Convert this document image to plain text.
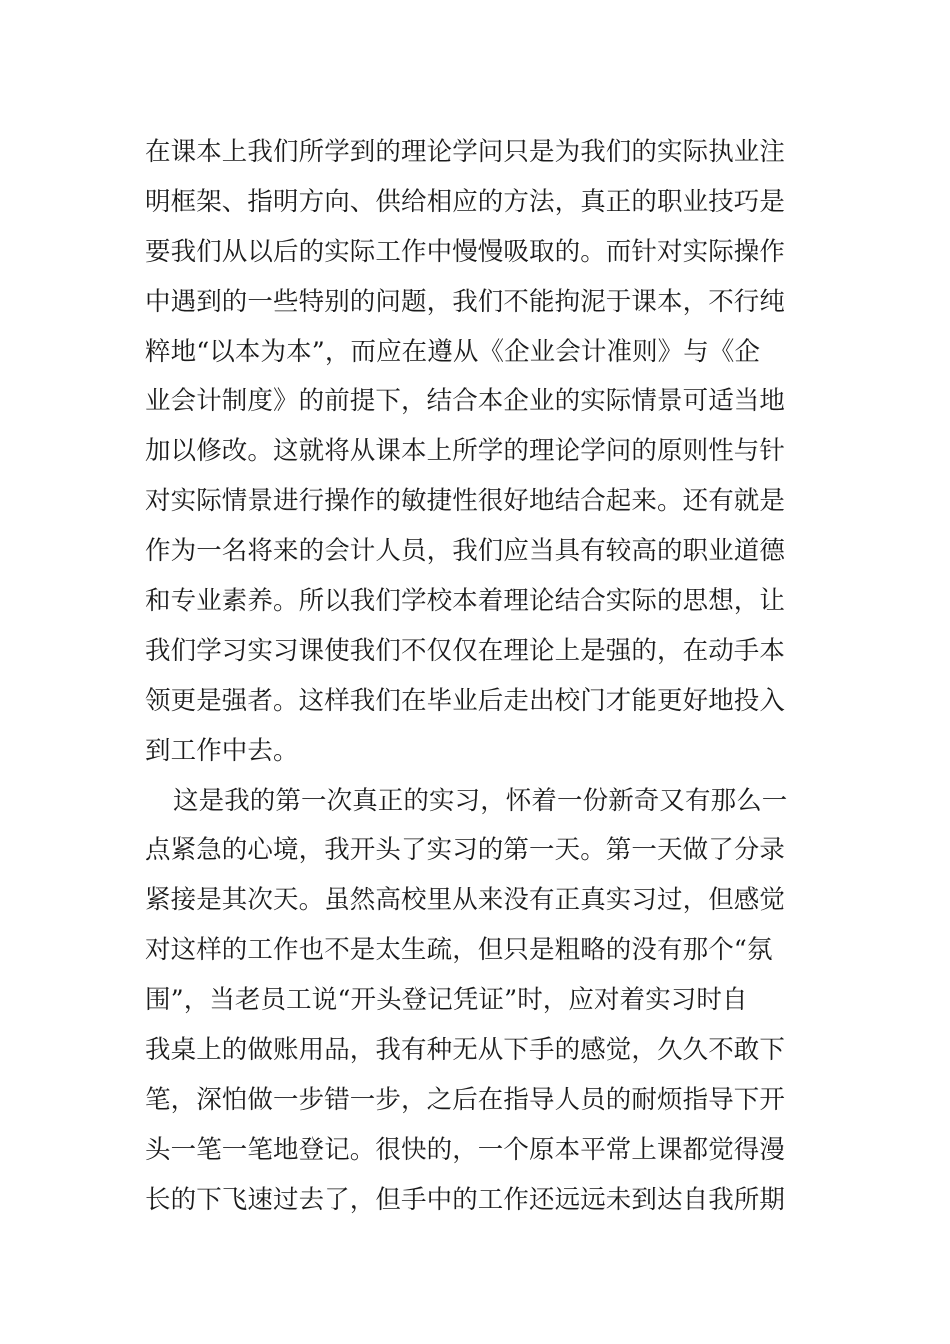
在课本上我们所学到的理论学问只是为我们的实际执业注
明框架、指明方向、供给相应的方法，真正的职业技巧是
要我们从以后的实际工作中慢慢吸取的。而针对实际操作
中遇到的一些特别的问题，我们不能拘泥于课本，不行纯
粹地“以本为本”，而应在遵从《企业会计准则》与《企
业会计制度》的前提下，结合本企业的实际情景可适当地
加以修改。这就将从课本上所学的理论学问的原则性与针
对实际情景进行操作的敏捷性很好地结合起来。还有就是
作为一名将来的会计人员，我们应当具有较高的职业道德
和专业素养。所以我们学校本着理论结合实际的思想，让
我们学习实习课使我们不仅仅在理论上是强的，在动手本
领更是强者。这样我们在毕业后走出校门才能更好地投入
到工作中去。
这是我的第一次真正的实习，怀着一份新奇又有那么一
点紧急的心境，我开头了实习的第一天。第一天做了分录
紧接是其次天。虽然高校里从来没有正真实习过，但感觉
对这样的工作也不是太生疏，但只是粗略的没有那个“氛
围”，当老员工说“开头登记凭证”时，应对着实习时自
我桌上的做账用品，我有种无从下手的感觉，久久不敢下
笔，深怕做一步错一步，之后在指导人员的耐烦指导下开
头一笔一笔地登记。很快的，一个原本平常上课都觉得漫
长的下飞速过去了，但手中的工作还远远未到达自我所期
